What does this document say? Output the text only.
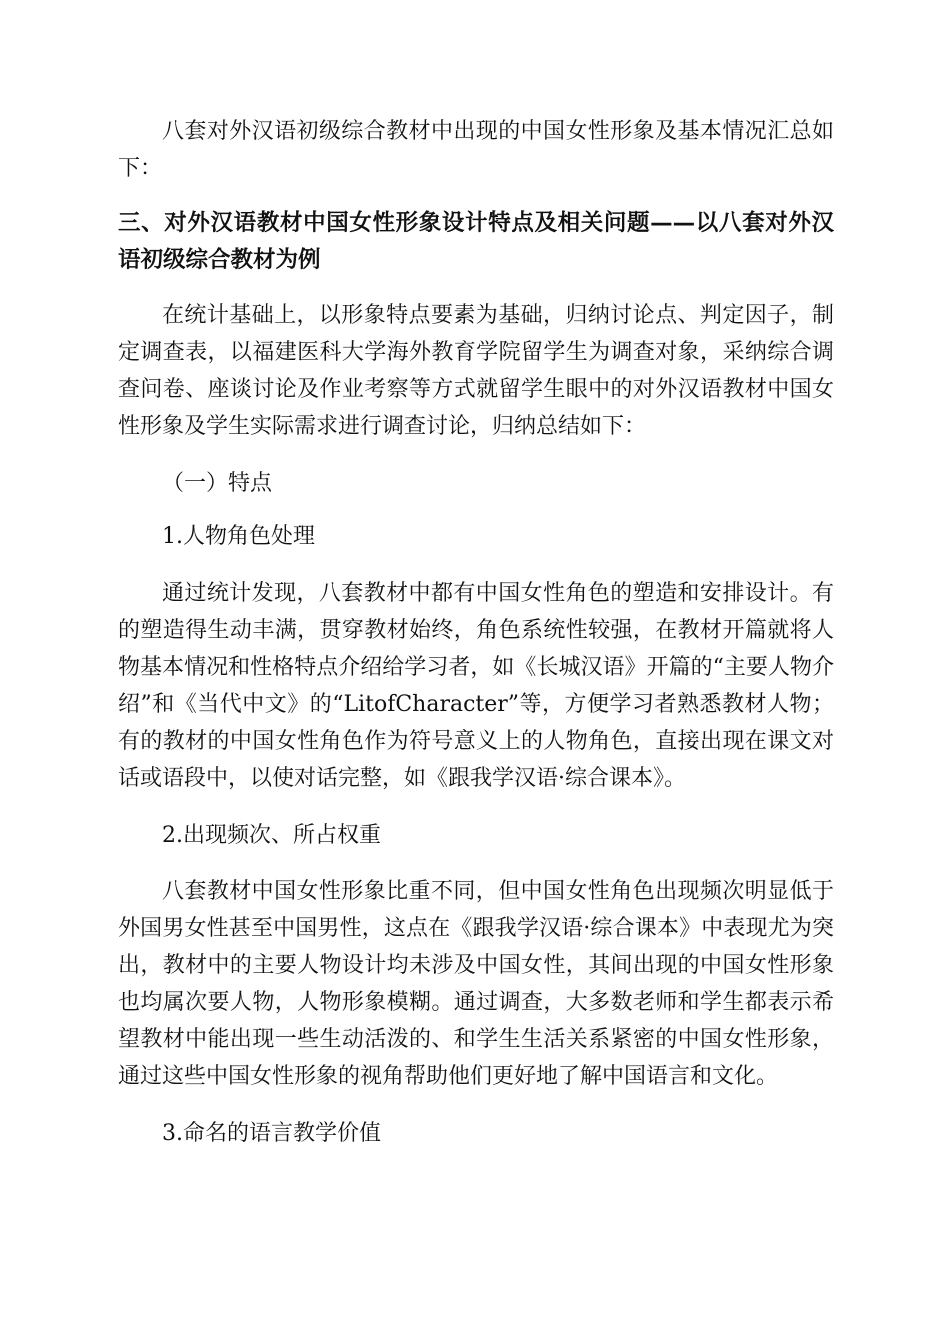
八套对外汉语初级综合教材中出现的中国女性形象及基本情况汇总如下：

三、对外汉语教材中国女性形象设计特点及相关问题——以八套对外汉语初级综合教材为例

在统计基础上，以形象特点要素为基础，归纳讨论点、判定因子，制定调查表，以福建医科大学海外教育学院留学生为调查对象，采纳综合调查问卷、座谈讨论及作业考察等方式就留学生眼中的对外汉语教材中国女性形象及学生实际需求进行调查讨论，归纳总结如下：

（一）特点

1.人物角色处理

通过统计发现，八套教材中都有中国女性角色的塑造和安排设计。有的塑造得生动丰满，贯穿教材始终，角色系统性较强，在教材开篇就将人物基本情况和性格特点介绍给学习者，如《长城汉语》开篇的“主要人物介绍”和《当代中文》的“LitofCharacter”等，方便学习者熟悉教材人物；有的教材的中国女性角色作为符号意义上的人物角色，直接出现在课文对话或语段中，以使对话完整，如《跟我学汉语·综合课本》。

2.出现频次、所占权重

八套教材中国女性形象比重不同，但中国女性角色出现频次明显低于外国男女性甚至中国男性，这点在《跟我学汉语·综合课本》中表现尤为突出，教材中的主要人物设计均未涉及中国女性，其间出现的中国女性形象也均属次要人物，人物形象模糊。通过调查，大多数老师和学生都表示希望教材中能出现一些生动活泼的、和学生生活关系紧密的中国女性形象，通过这些中国女性形象的视角帮助他们更好地了解中国语言和文化。

3.命名的语言教学价值
